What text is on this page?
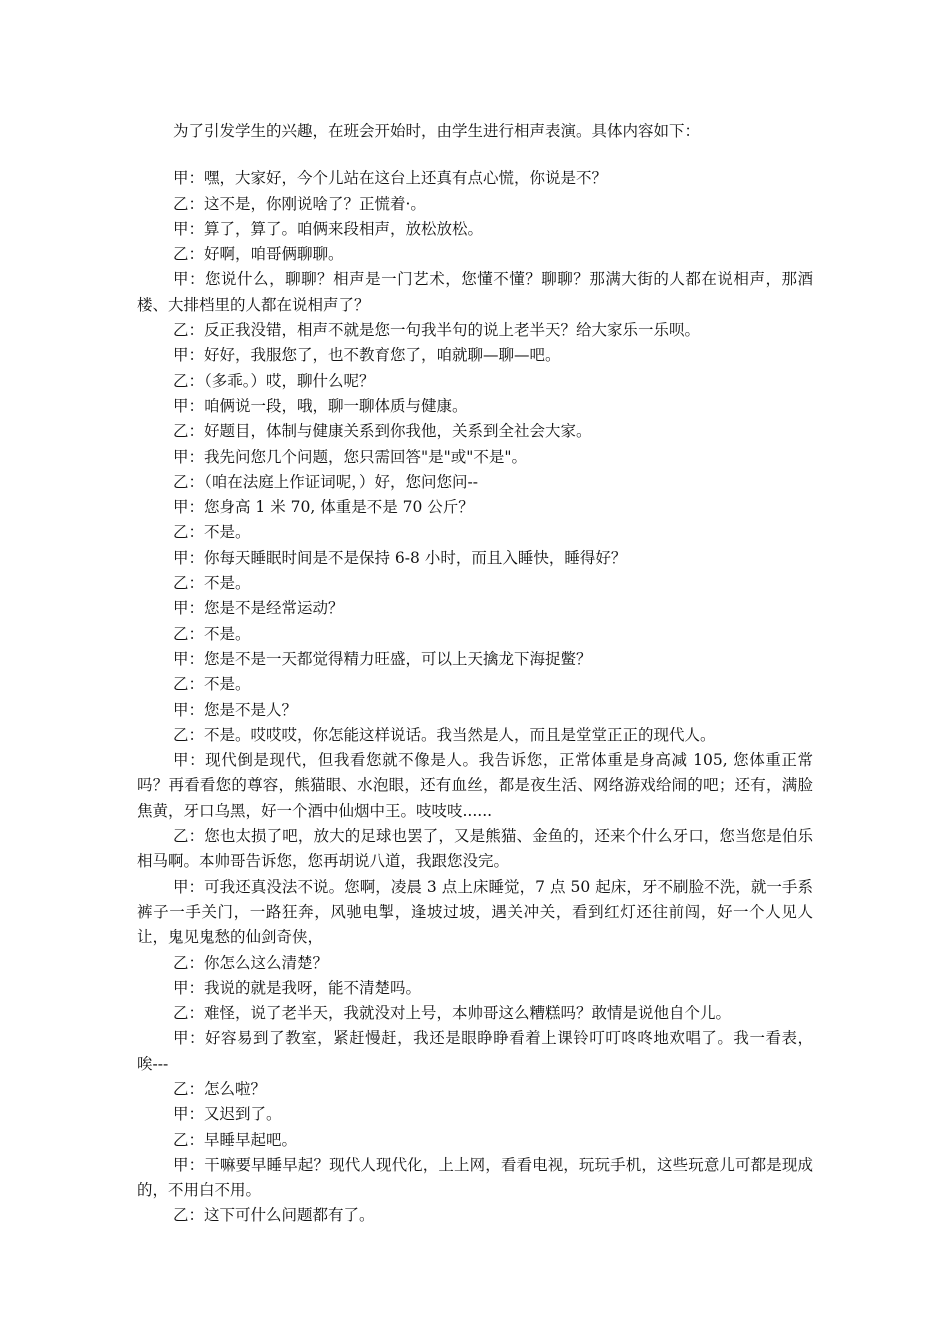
为了引发学生的兴趣，在班会开始时，由学生进行相声表演。具体内容如下：

甲：嘿，大家好，今个儿站在这台上还真有点心慌，你说是不？

乙：这不是，你刚说啥了？正慌着·。

甲：算了，算了。咱俩来段相声，放松放松。

乙：好啊，咱哥俩聊聊。

甲：您说什么，聊聊？相声是一门艺术，您懂不懂？聊聊？那满大街的人都在说相声，那酒楼、大排档里的人都在说相声了？

乙：反正我没错，相声不就是您一句我半句的说上老半天？给大家乐一乐呗。

甲：好好，我服您了，也不教育您了，咱就聊—聊—吧。

乙：（多乖。）哎，聊什么呢？

甲：咱俩说一段，哦，聊一聊体质与健康。

乙：好题目，体制与健康关系到你我他，关系到全社会大家。

甲：我先问您几个问题，您只需回答"是"或"不是"。

乙：（咱在法庭上作证词呢，）好，您问您问--

甲：您身高 1 米 70, 体重是不是 70 公斤？

乙：不是。

甲：你每天睡眠时间是不是保持 6-8 小时，而且入睡快，睡得好？

乙：不是。

甲：您是不是经常运动？

乙：不是。

甲：您是不是一天都觉得精力旺盛，可以上天擒龙下海捉鳖？

乙：不是。

甲：您是不是人？

乙：不是。哎哎哎，你怎能这样说话。我当然是人，而且是堂堂正正的现代人。

甲：现代倒是现代，但我看您就不像是人。我告诉您，正常体重是身高减 105, 您体重正常吗？再看看您的尊容，熊猫眼、水泡眼，还有血丝，都是夜生活、网络游戏给闹的吧；还有，满脸焦黄，牙口乌黑，好一个酒中仙烟中王。吱吱吱......

乙：您也太损了吧，放大的足球也罢了，又是熊猫、金鱼的，还来个什么牙口，您当您是伯乐相马啊。本帅哥告诉您，您再胡说八道，我跟您没完。

甲：可我还真没法不说。您啊，凌晨 3 点上床睡觉，7 点 50 起床，牙不刷脸不洗，就一手系裤子一手关门，一路狂奔，风驰电掣，逢坡过坡，遇关冲关，看到红灯还往前闯，好一个人见人让，鬼见鬼愁的仙剑奇侠，

乙：你怎么这么清楚？

甲：我说的就是我呀，能不清楚吗。

乙：难怪，说了老半天，我就没对上号，本帅哥这么糟糕吗？敢情是说他自个儿。

甲：好容易到了教室，紧赶慢赶，我还是眼睁睁看着上课铃叮叮咚咚地欢唱了。我一看表，唉---

乙：怎么啦？

甲：又迟到了。

乙：早睡早起吧。

甲：干嘛要早睡早起？现代人现代化，上上网，看看电视，玩玩手机，这些玩意儿可都是现成的，不用白不用。

乙：这下可什么问题都有了。
